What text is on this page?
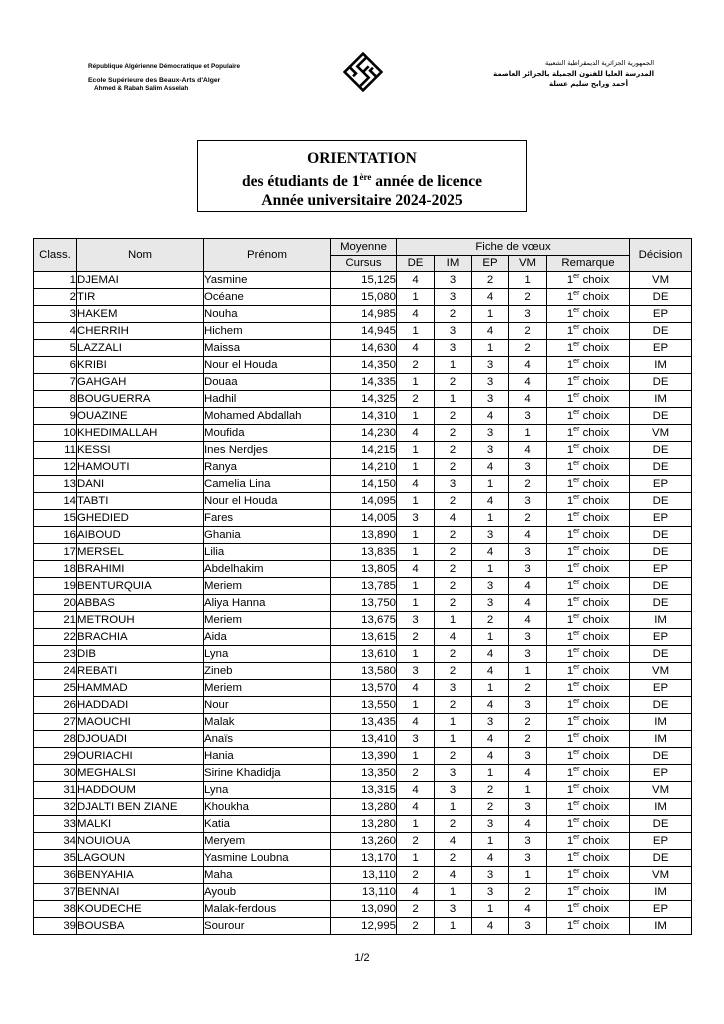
République Algérienne Démocratique et Populaire
Ecole Supérieure des Beaux-Arts d'Alger
Ahmed & Rabah Salim Asselah
الجمهورية الجزائرية الديمقراطية الشعبية
المدرسة العليا للفنون الجميلة بالجزائر العاصمة
أحمد ورابح سليم عسلة
ORIENTATION
des étudiants de 1ère année de licence
Année universitaire 2024-2025
Class.	Nom	Prénom	Moyenne	Fiche de vœux					Décision
			Cursus	DE	IM	EP	VM	Remarque	
1	DJEMAI	Yasmine	15,125	4	3	2	1	1er choix	VM
2	TIR	Océane	15,080	1	3	4	2	1er choix	DE
3	HAKEM	Nouha	14,985	4	2	1	3	1er choix	EP
4	CHERRIH	Hichem	14,945	1	3	4	2	1er choix	DE
5	LAZZALI	Maissa	14,630	4	3	1	2	1er choix	EP
6	KRIBI	Nour el Houda	14,350	2	1	3	4	1er choix	IM
7	GAHGAH	Douaa	14,335	1	2	3	4	1er choix	DE
8	BOUGUERRA	Hadhil	14,325	2	1	3	4	1er choix	IM
9	OUAZINE	Mohamed Abdallah	14,310	1	2	4	3	1er choix	DE
10	KHEDIMALLAH	Moufida	14,230	4	2	3	1	1er choix	VM
11	KESSI	Ines Nerdjes	14,215	1	2	3	4	1er choix	DE
12	HAMOUTI	Ranya	14,210	1	2	4	3	1er choix	DE
13	DANI	Camelia Lina	14,150	4	3	1	2	1er choix	EP
14	TABTI	Nour el Houda	14,095	1	2	4	3	1er choix	DE
15	GHEDIED	Fares	14,005	3	4	1	2	1er choix	EP
16	AIBOUD	Ghania	13,890	1	2	3	4	1er choix	DE
17	MERSEL	Lilia	13,835	1	2	4	3	1er choix	DE
18	BRAHIMI	Abdelhakim	13,805	4	2	1	3	1er choix	EP
19	BENTURQUIA	Meriem	13,785	1	2	3	4	1er choix	DE
20	ABBAS	Aliya Hanna	13,750	1	2	3	4	1er choix	DE
21	METROUH	Meriem	13,675	3	1	2	4	1er choix	IM
22	BRACHIA	Aida	13,615	2	4	1	3	1er choix	EP
23	DIB	Lyna	13,610	1	2	4	3	1er choix	DE
24	REBATI	Zineb	13,580	3	2	4	1	1er choix	VM
25	HAMMAD	Meriem	13,570	4	3	1	2	1er choix	EP
26	HADDADI	Nour	13,550	1	2	4	3	1er choix	DE
27	MAOUCHI	Malak	13,435	4	1	3	2	1er choix	IM
28	DJOUADI	Anaïs	13,410	3	1	4	2	1er choix	IM
29	OURIACHI	Hania	13,390	1	2	4	3	1er choix	DE
30	MEGHALSI	Sirine Khadidja	13,350	2	3	1	4	1er choix	EP
31	HADDOUM	Lyna	13,315	4	3	2	1	1er choix	VM
32	DJALTI BEN ZIANE	Khoukha	13,280	4	1	2	3	1er choix	IM
33	MALKI	Katia	13,280	1	2	3	4	1er choix	DE
34	NOUIOUA	Meryem	13,260	2	4	1	3	1er choix	EP
35	LAGOUN	Yasmine Loubna	13,170	1	2	4	3	1er choix	DE
36	BENYAHIA	Maha	13,110	2	4	3	1	1er choix	VM
37	BENNAI	Ayoub	13,110	4	1	3	2	1er choix	IM
38	KOUDECHE	Malak-ferdous	13,090	2	3	1	4	1er choix	EP
39	BOUSBA	Sourour	12,995	2	1	4	3	1er choix	IM
1/2
